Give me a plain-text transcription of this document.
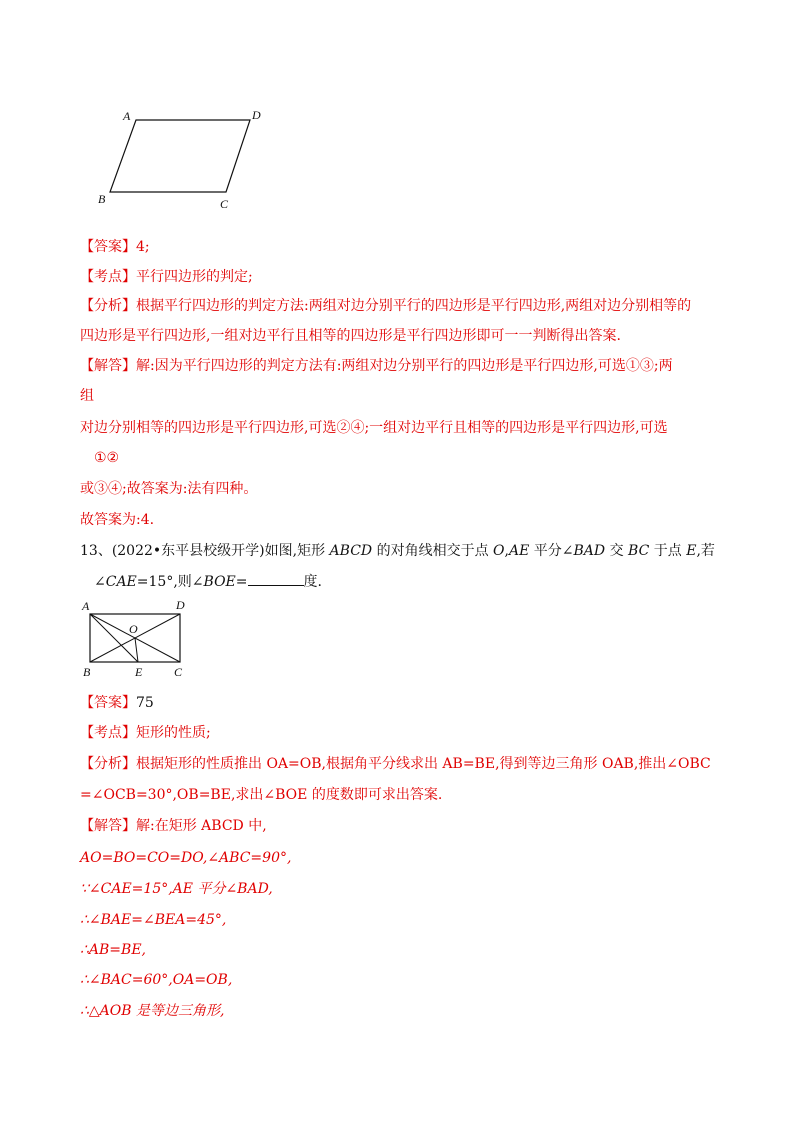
A	D
B	C
A	D
O
B	E	C
【答案】4;
【考点】平行四边形的判定;
【分析】根据平行四边形的判定方法:两组对边分别平行的四边形是平行四边形,两组对边分别相等的
四边形是平行四边形,一组对边平行且相等的四边形是平行四边形即可一一判断得出答案.
【解答】解:因为平行四边形的判定方法有:两组对边分别平行的四边形是平行四边形,可选①③;两
组
对边分别相等的四边形是平行四边形,可选②④;一组对边平行且相等的四边形是平行四边形,可选
①②
或③④;故答案为:法有四种。
故答案为:4.
13、(2022•东平县校级开学)如图,矩形 ABCD 的对角线相交于点 O,AE 平分∠BAD 交 BC 于点 E,若
∠CAE=15°,则∠BOE=	度.
【答案】75
【考点】矩形的性质;
【分析】根据矩形的性质推出 OA=OB,根据角平分线求出 AB=BE,得到等边三角形 OAB,推出∠OBC
=∠OCB=30°,OB=BE,求出∠BOE 的度数即可求出答案.
【解答】解:在矩形 ABCD 中,
AO=BO=CO=DO,∠ABC=90°,
∵∠CAE=15°,AE 平分∠BAD,
∴∠BAE=∠BEA=45°,
∴AB=BE,
∴∠BAC=60°,OA=OB,
∴△AOB 是等边三角形,
